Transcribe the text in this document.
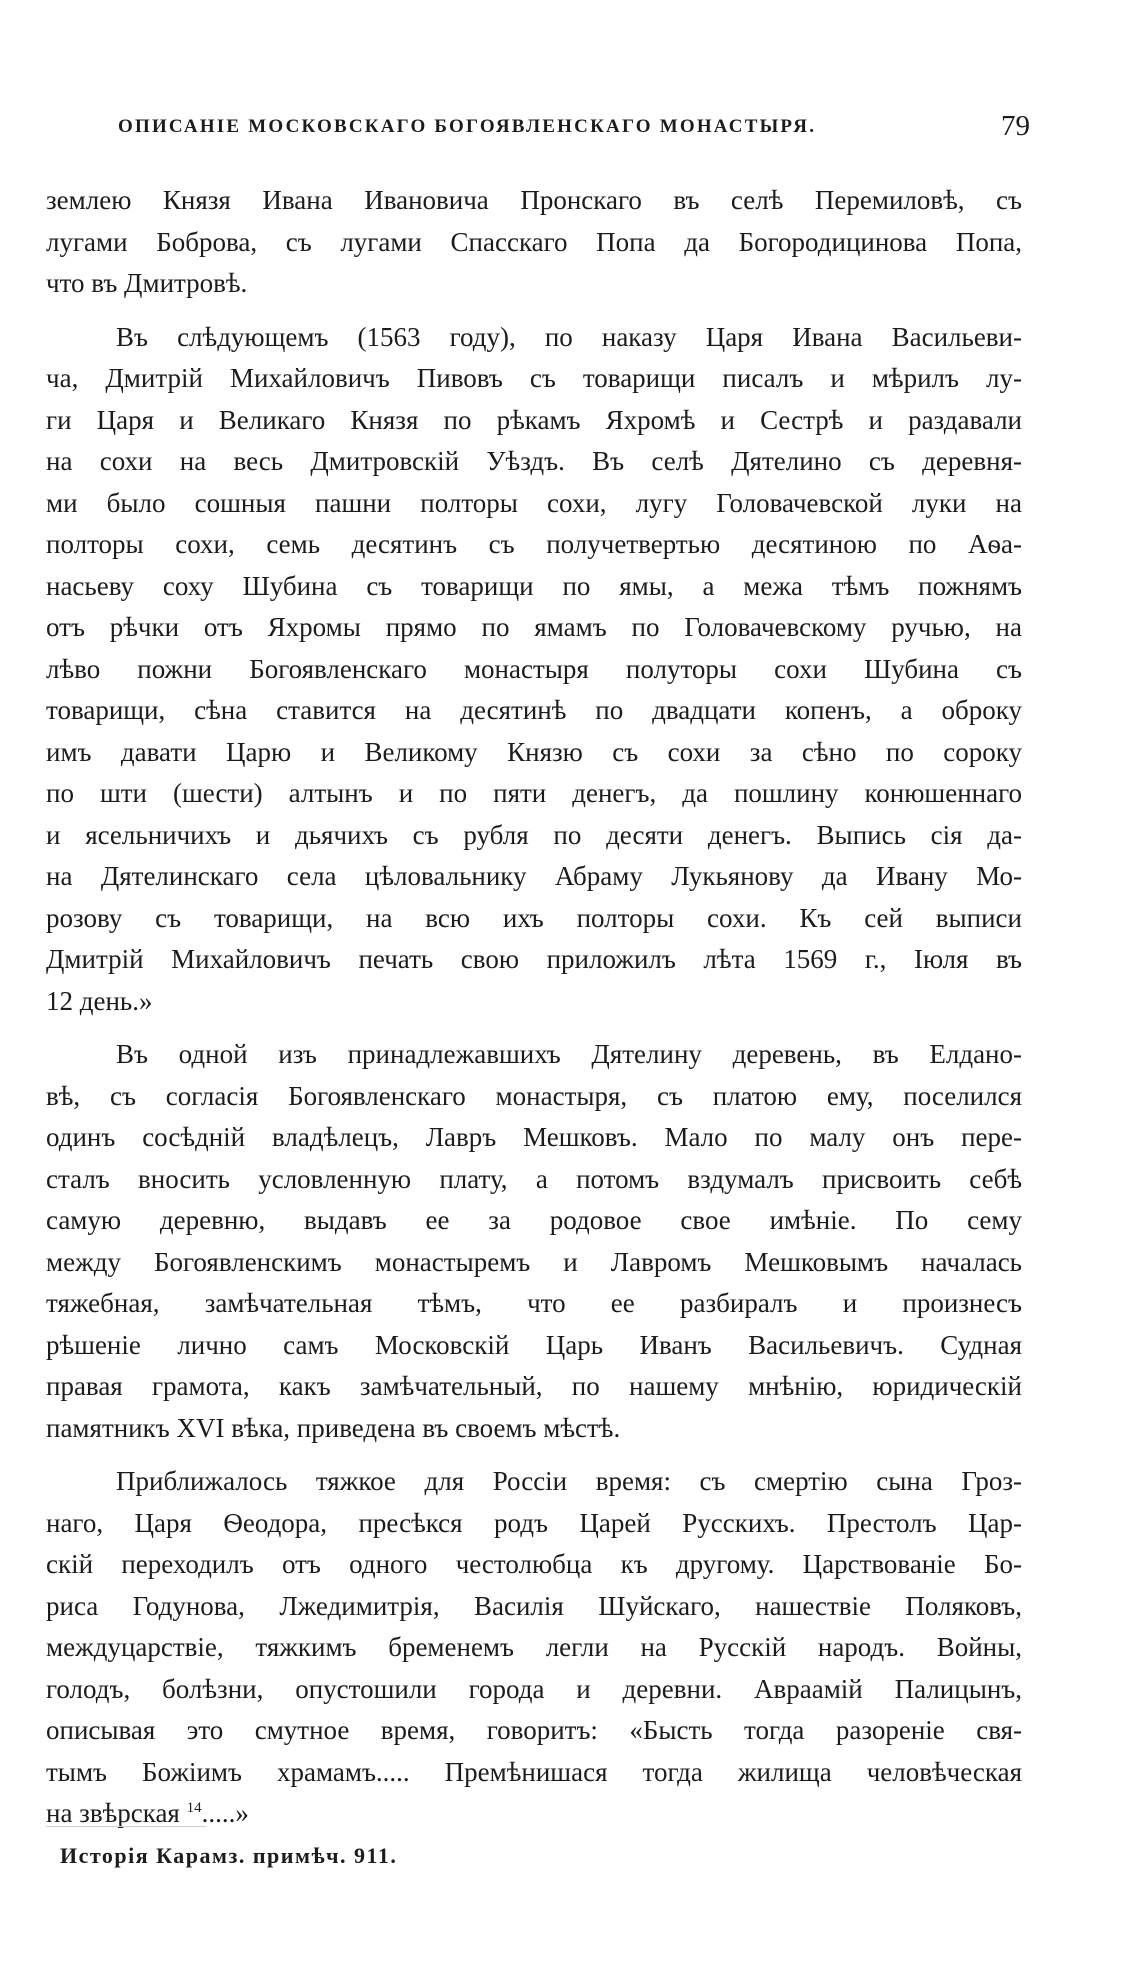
ОПИСАНІЕ МОСКОВСКАГО БОГОЯВЛЕНСКАГО МОНАСТЫРЯ.	79
землею Князя Ивана Ивановича Пронскаго въ селѣ Перемиловѣ, съ
лугами Боброва, съ лугами Спасскаго Попа да Богородицинова Попа,
что въ Дмитровѣ.
Въ слѣдующемъ (1563 году), по наказу Царя Ивана Васильеви-
ча, Дмитрій Михайловичъ Пивовъ съ товарищи писалъ и мѣрилъ лу-
ги Царя и Великаго Князя по рѣкамъ Яхромѣ и Сестрѣ и раздавали
на сохи на весь Дмитровскій Уѣздъ. Въ селѣ Дятелино съ деревня-
ми было сошныя пашни полторы сохи, лугу Головачевской луки на
полторы сохи, семь десятинъ съ получетвертью десятиною по Аѳа-
насьеву соху Шубина съ товарищи по ямы, а межа тѣмъ пожнямъ
отъ рѣчки отъ Яхромы прямо по ямамъ по Головачевскому ручью, на
лѣво пожни Богоявленскаго монастыря полуторы сохи Шубина съ
товарищи, сѣна ставится на десятинѣ по двадцати копенъ, а оброку
имъ давати Царю и Великому Князю съ сохи за сѣно по сороку
по шти (шести) алтынъ и по пяти денегъ, да пошлину конюшеннаго
и ясельничихъ и дьячихъ съ рубля по десяти денегъ. Выпись сія да-
на Дятелинскаго села цѣловальнику Абраму Лукьянову да Ивану Мо-
розову съ товарищи, на всю ихъ полторы сохи. Къ сей выписи
Дмитрій Михайловичъ печать свою приложилъ лѣта 1569 г., Іюля въ
12 день.»
Въ одной изъ принадлежавшихъ Дятелину деревень, въ Елдано-
вѣ, съ согласія Богоявленскаго монастыря, съ платою ему, поселился
одинъ сосѣдній владѣлецъ, Лавръ Мешковъ. Мало по малу онъ пере-
сталъ вносить условленную плату, а потомъ вздумалъ присвоить себѣ
самую деревню, выдавъ ее за родовое свое имѣніе. По сему
между Богоявленскимъ монастыремъ и Лавромъ Мешковымъ началась
тяжебная, замѣчательная тѣмъ, что ее разбиралъ и произнесъ
рѣшеніе лично самъ Московскій Царь Иванъ Васильевичъ. Судная
правая грамота, какъ замѣчательный, по нашему мнѣнію, юридическій
памятникъ XVI вѣка, приведена въ своемъ мѣстѣ.
Приближалось тяжкое для Россіи время: съ смертію сына Гроз-
наго, Царя Ѳеодора, пресѣкся родъ Царей Русскихъ. Престолъ Цар-
скій переходилъ отъ одного честолюбца къ другому. Царствованіе Бо-
риса Годунова, Лжедимитрія, Василія Шуйскаго, нашествіе Поляковъ,
междуцарствіе, тяжкимъ бременемъ легли на Русскій народъ. Войны,
голодъ, болѣзни, опустошили города и деревни. Авраамій Палицынъ,
описывая это смутное время, говоритъ: «Бысть тогда разореніе свя-
тымъ Божіимъ храмамъ..... Премѣнишася тогда жилища человѣческая
на звѣрская $^{14}$.....»
Исторія Карамз. примѣч. 911.
